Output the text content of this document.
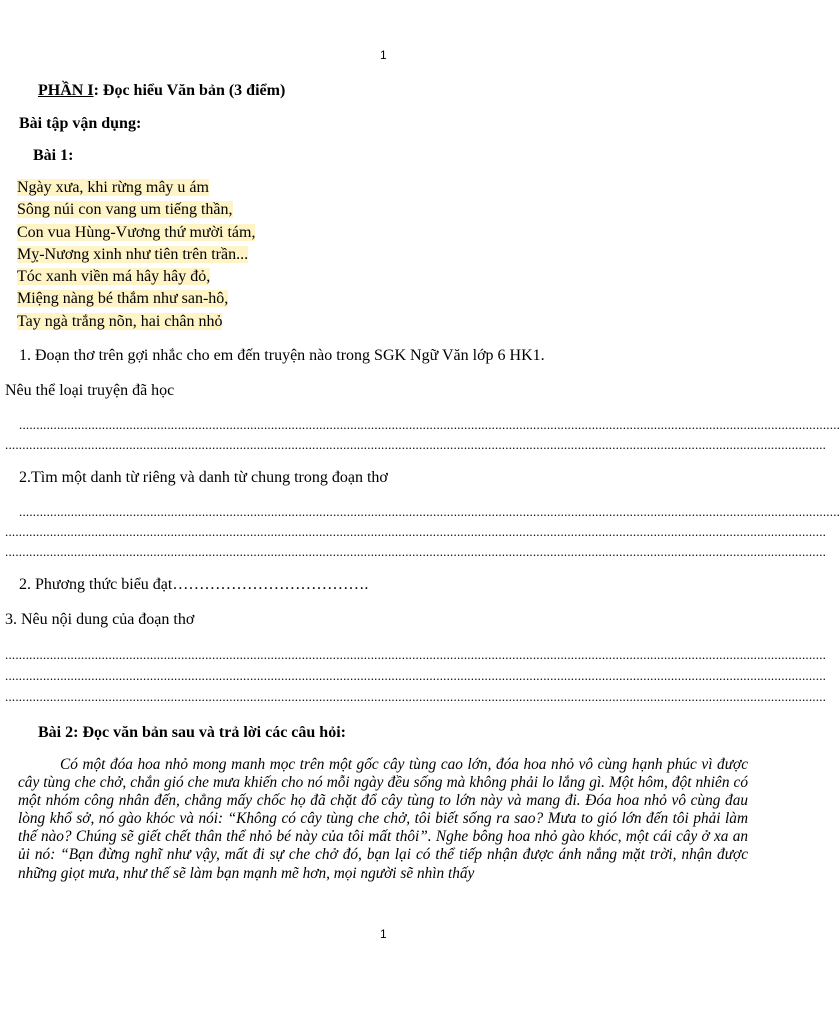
1
PHẦN I: Đọc hiểu Văn bản (3 điểm)
Bài tập vận dụng:
Bài 1:
Ngày xưa, khi rừng mây u ám
Sông núi con vang um tiếng thần,
Con vua Hùng-Vương thứ mười tám,
Mỵ-Nương xinh như tiên trên trần...
Tóc xanh viền má hây hây đỏ,
Miệng nàng bé thắm như san-hô,
Tay ngà trắng nõn, hai chân nhỏ
1. Đoạn thơ trên gợi nhắc cho em đến truyện nào trong SGK Ngữ Văn lớp 6 HK1.
Nêu thể loại truyện đã học
..............................................................................................................................................................................................................................................
..............................................................................................................................................................................................................................................
2.Tìm một danh từ riêng và danh từ chung trong đoạn thơ
..............................................................................................................................................................................................................................................
..............................................................................................................................................................................................................................................
..............................................................................................................................................................................................................................................
2. Phương thức biểu đạt……………………………….
3. Nêu nội dung của đoạn thơ
..............................................................................................................................................................................................................................................
..............................................................................................................................................................................................................................................
..............................................................................................................................................................................................................................................
Bài 2: Đọc văn bản sau và trả lời các câu hỏi:
Có một đóa hoa nhỏ mong manh mọc trên một gốc cây tùng cao lớn, đóa hoa nhỏ vô cùng hạnh phúc vì được cây tùng che chở, chắn gió che mưa khiến cho nó mỗi ngày đều sống mà không phải lo lắng gì. Một hôm, đột nhiên có một nhóm công nhân đến, chẳng mấy chốc họ đã chặt đổ cây tùng to lớn này và mang đi. Đóa hoa nhỏ vô cùng đau lòng khổ sở, nó gào khóc và nói: “Không có cây tùng che chở, tôi biết sống ra sao? Mưa to gió lớn đến tôi phải làm thế nào? Chúng sẽ giết chết thân thể nhỏ bé này của tôi mất thôi”. Nghe bông hoa nhỏ gào khóc, một cái cây ở xa an ủi nó: “Bạn đừng nghĩ như vậy, mất đi sự che chở đó, bạn lại có thể tiếp nhận được ánh nắng mặt trời, nhận được những giọt mưa, như thế sẽ làm bạn mạnh mẽ hơn, mọi người sẽ nhìn thấy
1
